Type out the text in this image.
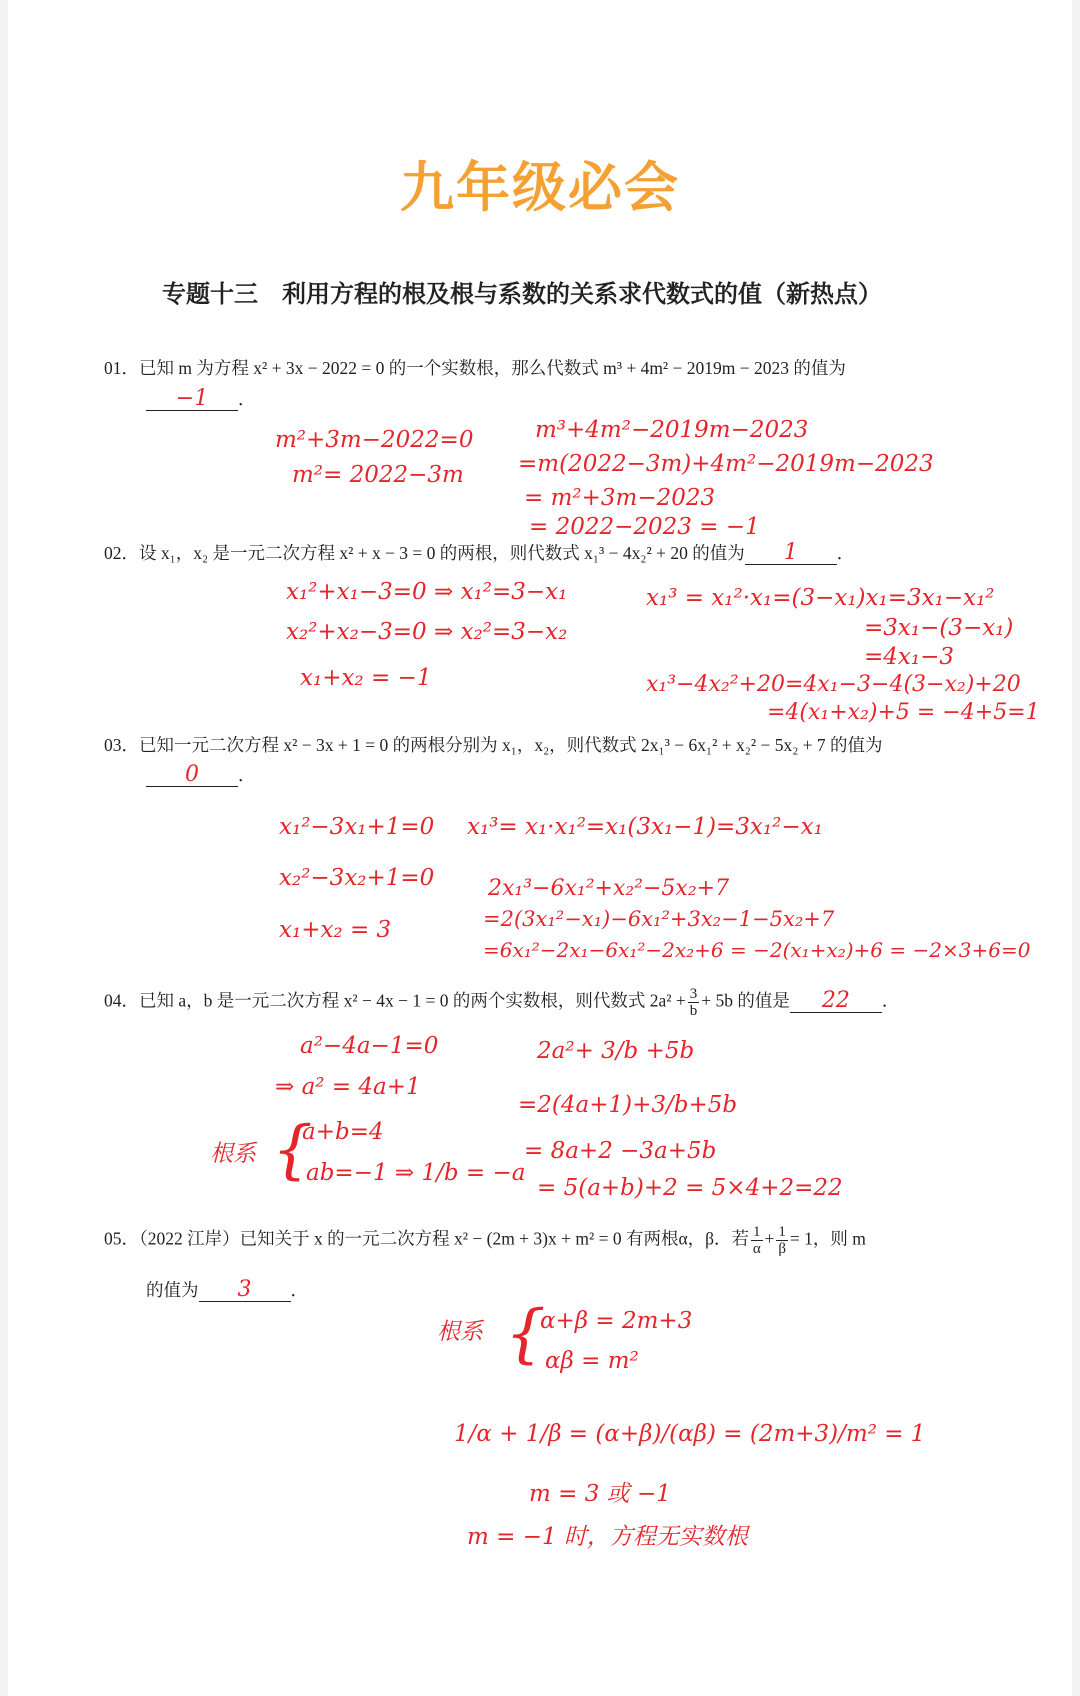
九年级必会
专题十三　利用方程的根及根与系数的关系求代数式的值（新热点）
01．已知 m 为方程 x² + 3x − 2022 = 0 的一个实数根，那么代数式 m³ + 4m² − 2019m − 2023 的值为
−1 ．
m²+3m−2022=0
m²= 2022−3m
m³+4m²−2019m−2023
=m(2022−3m)+4m²−2019m−2023
= m²+3m−2023
= 2022−2023 = −1
02．设 x₁，x₂ 是一元二次方程 x² + x − 3 = 0 的两根，则代数式 x₁³ − 4x₂² + 20 的值为 1 ．
x₁²+x₁−3=0 ⇒ x₁²=3−x₁
x₂²+x₂−3=0 ⇒ x₂²=3−x₂
x₁+x₂ = −1
x₁³ = x₁²·x₁=(3−x₁)x₁=3x₁−x₁²
=3x₁−(3−x₁)
=4x₁−3
x₁³−4x₂²+20=4x₁−3−4(3−x₂)+20
=4(x₁+x₂)+5 = −4+5=1
03．已知一元二次方程 x² − 3x + 1 = 0 的两根分别为 x₁，x₂，则代数式 2x₁³ − 6x₁² + x₂² − 5x₂ + 7 的值为
0 ．
x₁²−3x₁+1=0
x₂²−3x₂+1=0
x₁+x₂ = 3
x₁³= x₁·x₁²=x₁(3x₁−1)=3x₁²−x₁
2x₁³−6x₁²+x₂²−5x₂+7
=2(3x₁²−x₁)−6x₁²+3x₂−1−5x₂+7
=6x₁²−2x₁−6x₁²−2x₂+6 = −2(x₁+x₂)+6 = −2×3+6=0
04．已知 a，b 是一元二次方程 x² − 4x − 1 = 0 的两个实数根，则代数式 $2a^2 + \frac{3}{b} + 5b$ 的值是 22 ．
a²−4a−1=0
⇒ a² = 4a+1
根系 {
a+b=4
ab=−1 ⇒ 1/b = −a
2a²+ 3/b +5b
=2(4a+1)+3/b+5b
= 8a+2 −3a+5b
= 5(a+b)+2 = 5×4+2=22
05．（2022 江岸）已知关于 x 的一元二次方程 x² − (2m + 3)x + m² = 0 有两根α，β．若 $\frac{1}{\alpha} + \frac{1}{\beta} = 1$，则 m
的值为 3 ．
根系 {
α+β = 2m+3
αβ = m²
1/α + 1/β = (α+β)/(αβ) = (2m+3)/m² = 1
m = 3 或 −1
m = −1 时，方程无实数根
